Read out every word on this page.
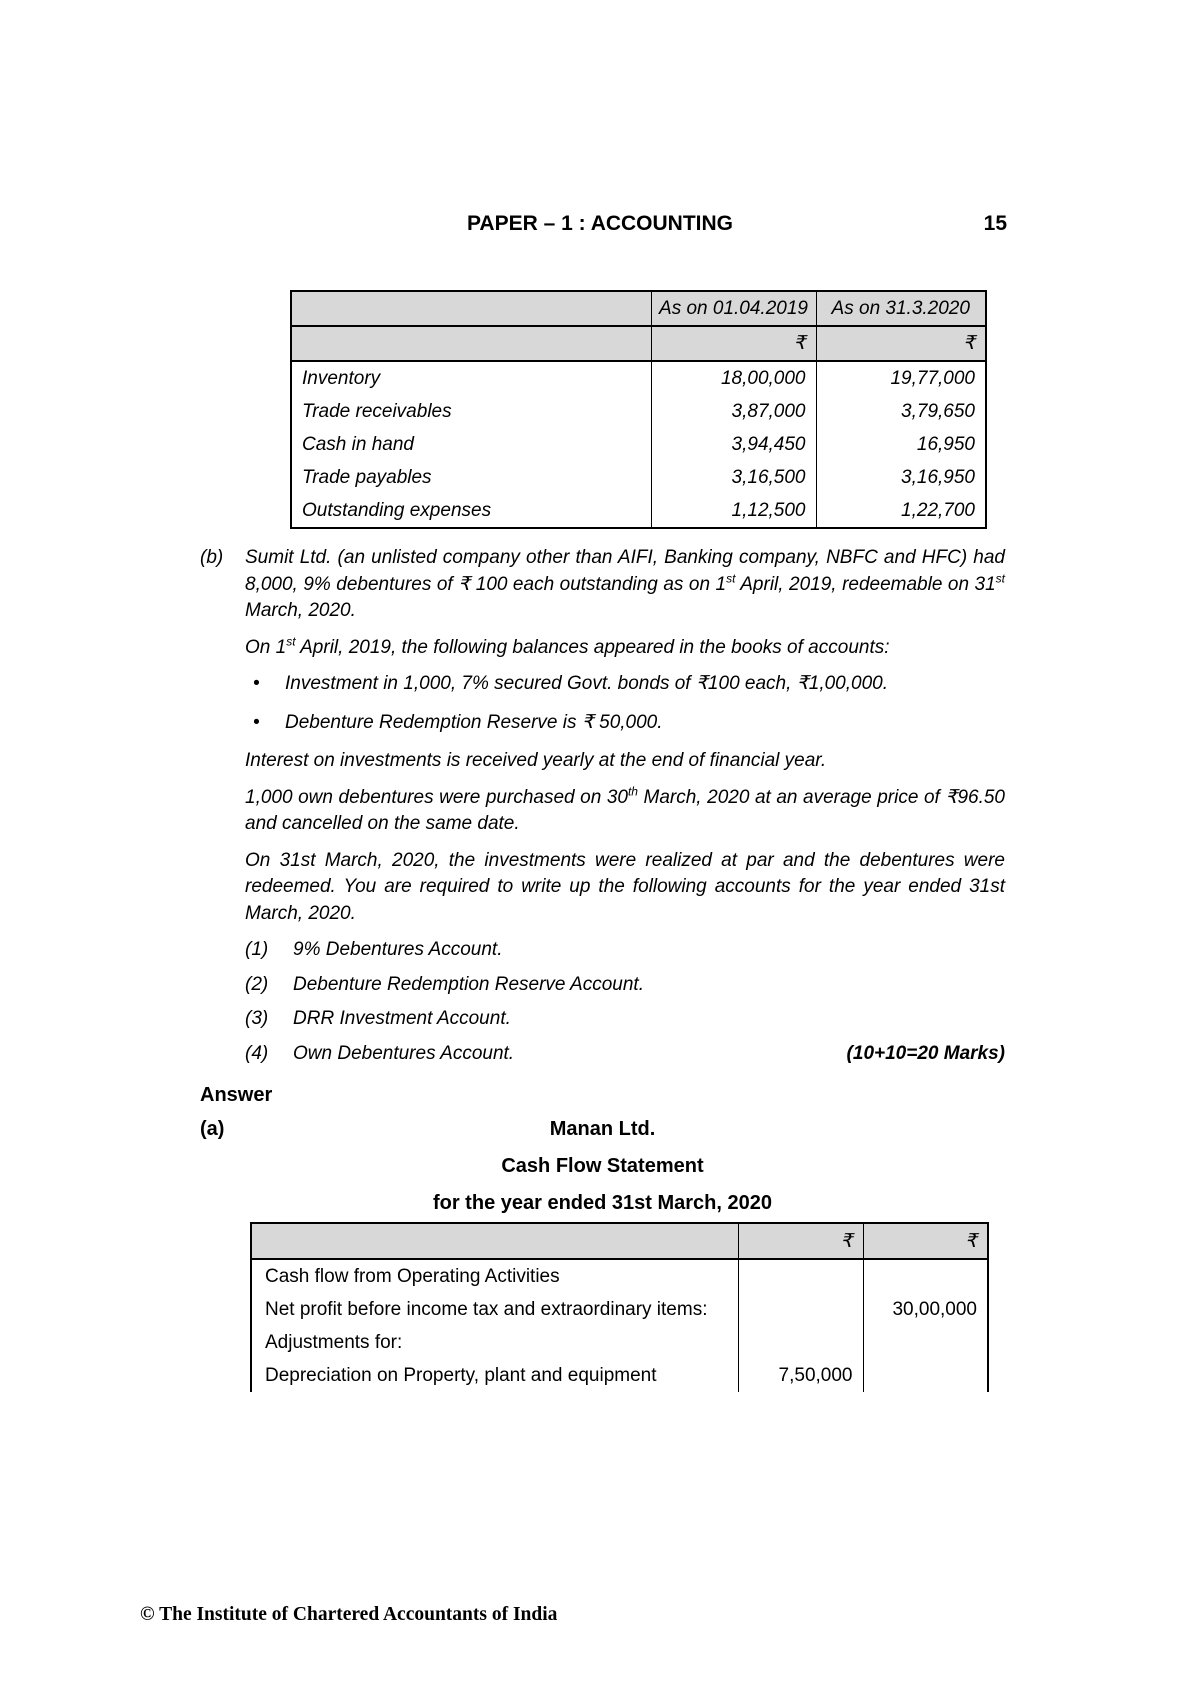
PAPER – 1 : ACCOUNTING	15
	As on 01.04.2019	As on 31.3.2020
	₹	₹
Inventory	18,00,000	19,77,000
Trade receivables	3,87,000	3,79,650
Cash in hand	3,94,450	16,950
Trade payables	3,16,500	3,16,950
Outstanding expenses	1,12,500	1,22,700
(b)	Sumit Ltd. (an unlisted company other than AIFI, Banking company, NBFC and HFC) had 8,000, 9% debentures of ₹ 100 each outstanding as on 1st April, 2019, redeemable on 31st March, 2020.
On 1st April, 2019, the following balances appeared in the books of accounts:
•	Investment in 1,000, 7% secured Govt. bonds of ₹100 each, ₹1,00,000.
•	Debenture Redemption Reserve is ₹ 50,000.
Interest on investments is received yearly at the end of financial year.
1,000 own debentures were purchased on 30th March, 2020 at an average price of ₹96.50 and cancelled on the same date.
On 31st March, 2020, the investments were realized at par and the debentures were redeemed. You are required to write up the following accounts for the year ended 31st March, 2020.
(1)	9% Debentures Account.
(2)	Debenture Redemption Reserve Account.
(3)	DRR Investment Account.
(4)	Own Debentures Account.	(10+10=20 Marks)
Answer
(a)	Manan Ltd.
Cash Flow Statement
for the year ended 31st March, 2020
	₹	₹
Cash flow from Operating Activities		
Net profit before income tax and extraordinary items:		30,00,000
Adjustments for:		
Depreciation on Property, plant and equipment	7,50,000	
© The Institute of Chartered Accountants of India
